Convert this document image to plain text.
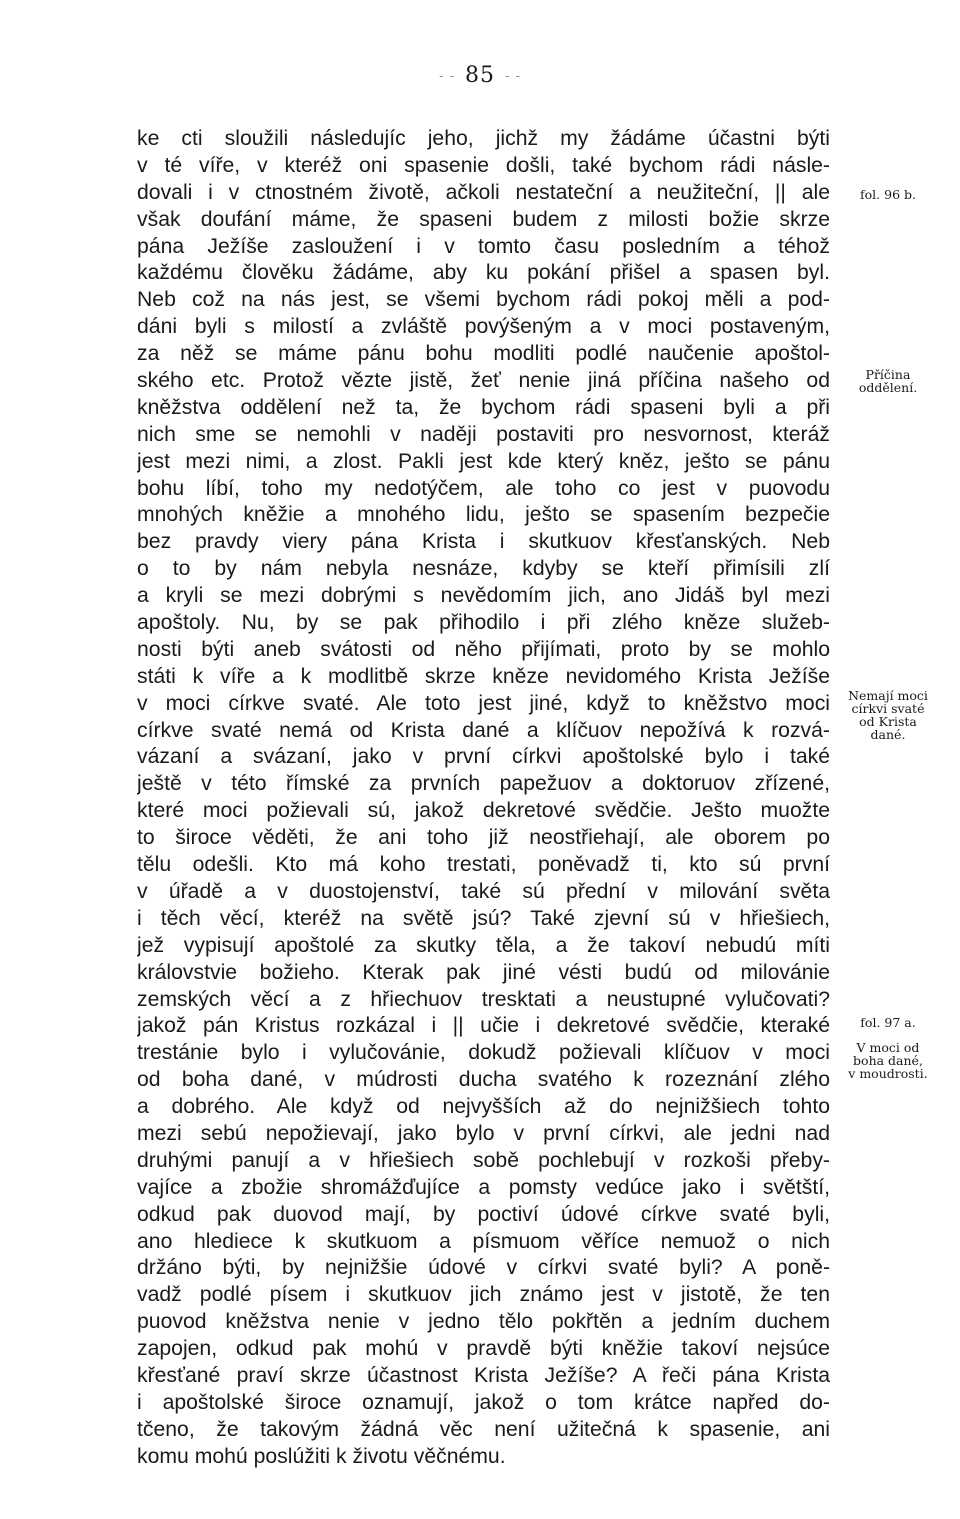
- - 85 - -
ke cti sloužili následujíc jeho, jichž my žádáme účastni býti
v té víře, v kteréž oni spasenie došli, také bychom rádi násle-
dovali i v ctnostném životě, ačkoli nestateční a neužiteční, || ale
však doufání máme, že spaseni budem z milosti božie skrze
pána Ježíše zasloužení i v tomto času posledním a téhož
každému člověku žádáme, aby ku pokání přišel a spasen byl.
Neb což na nás jest, se všemi bychom rádi pokoj měli a pod-
dáni byli s milostí a zvláště povýšeným a v moci postaveným,
za něž se máme pánu bohu modliti podlé naučenie apoštol-
ského etc. Protož vězte jistě, žeť nenie jiná příčina našeho od
kněžstva oddělení než ta, že bychom rádi spaseni byli a při
nich sme se nemohli v naději postaviti pro nesvornost, kteráž
jest mezi nimi, a zlost. Pakli jest kde který kněz, ješto se pánu
bohu líbí, toho my nedotýčem, ale toho co jest v puovodu
mnohých kněžie a mnohého lidu, ješto se spasením bezpečie
bez pravdy viery pána Krista i skutkuov křesťanských. Neb
o to by nám nebyla nesnáze, kdyby se kteří přimísili zlí
a kryli se mezi dobrými s nevědomím jich, ano Jidáš byl mezi
apoštoly. Nu, by se pak přihodilo i při zlého kněze služeb-
nosti býti aneb svátosti od něho přijímati, proto by se mohlo
státi k víře a k modlitbě skrze kněze nevidomého Krista Ježíše
v moci církve svaté. Ale toto jest jiné, když to kněžstvo moci
církve svaté nemá od Krista dané a klíčuov nepožívá k rozvá-
vázaní a svázaní, jako v první církvi apoštolské bylo i také
ještě v této římské za prvních papežuov a doktoruov zřízené,
které moci požievali sú, jakož dekretové svědčie. Ješto muožte
to široce věděti, že ani toho již neostřiehají, ale oborem po
tělu odešli. Kto má koho trestati, poněvadž ti, kto sú první
v úřadě a v duostojenství, také sú přední v milování světa
i těch věcí, kteréž na světě jsú? Také zjevní sú v hřiešiech,
jež vypisují apoštolé za skutky těla, a že takoví nebudú míti
královstvie božieho. Kterak pak jiné vésti budú od milovánie
zemských věcí a z hřiechuov tresktati a neustupné vylučovati?
jakož pán Kristus rozkázal i || učie i dekretové svědčie, kteraké
trestánie bylo i vylučovánie, dokudž požievali klíčuov v moci
od boha dané, v múdrosti ducha svatého k rozeznání zlého
a dobrého. Ale když od nejvyšších až do nejnižšiech tohto
mezi sebú nepožievají, jako bylo v první církvi, ale jedni nad
druhými panují a v hřiešiech sobě pochlebují v rozkoši přeby-
vajíce a zbožie shromážďujíce a pomsty vedúce jako i světští,
odkud pak duovod mají, by poctiví údové církve svaté byli,
ano hlediece k skutkuom a písmuom věříce nemuož o nich
držáno býti, by nejnižšie údové v církvi svaté byli? A poně-
vadž podlé písem i skutkuov jich známo jest v jistotě, že ten
puovod kněžstva nenie v jedno tělo pokřtěn a jedním duchem
zapojen, odkud pak mohú v pravdě býti kněžie takoví nejsúce
křesťané praví skrze účastnost Krista Ježíše? A řeči pána Krista
i apoštolské široce oznamují, jakož o tom krátce napřed do-
tčeno, že takovým žádná věc není užitečná k spasenie, ani
komu mohú poslúžiti k životu věčnému.
fol. 96 b.
Příčina
oddělení.
Nemají moci
církvi svaté
od Krista
dané.
fol. 97 a.
V moci od
boha dané,
v moudrosti.
